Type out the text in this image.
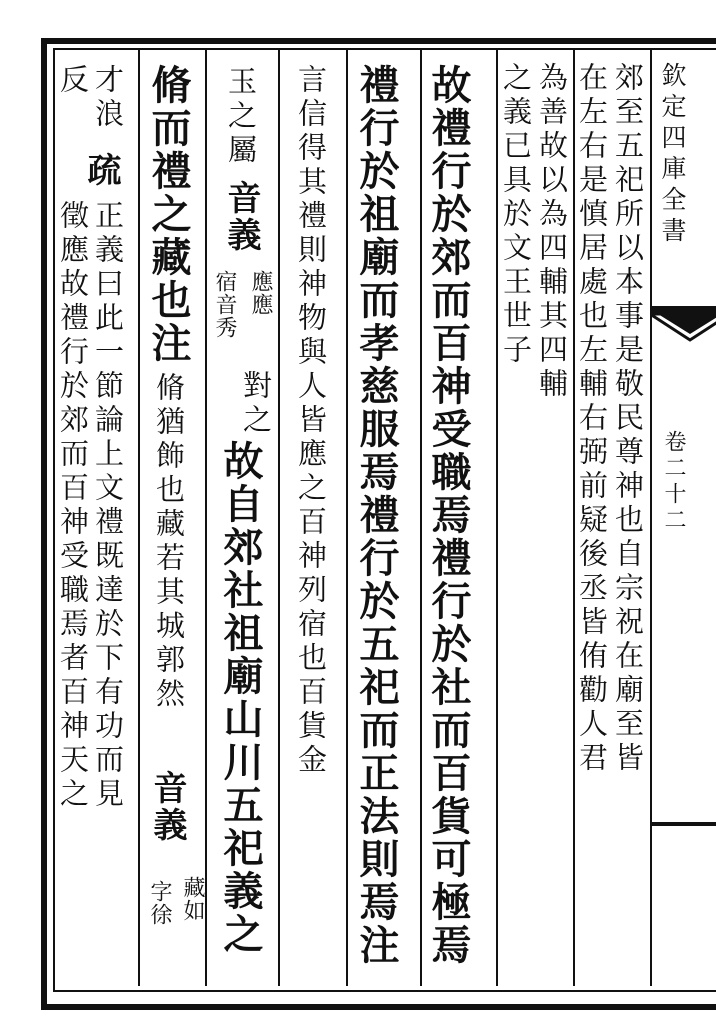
欽定四庫全書
卷二十二
郊至五祀所以本事是敬民尊神也自宗祝在廟至皆
在左右是慎居處也左輔右弼前疑後丞皆侑勸人君
為善故以為四輔其四輔
之義已具於文王世子
故禮行於郊而百神受職焉禮行於社而百貨可極焉
禮行於祖廟而孝慈服焉禮行於五祀而正法則焉注
言信得其禮則神物與人皆應之百神列宿也百貨金
玉之屬
音義
應應
宿音秀
對之
故自郊社祖廟山川五祀義之
脩而禮之藏也注
脩猶飾也藏若其城郭然
音義
藏如
字徐
才浪
疏
正義曰此一節論上文禮既達於下有功而見
徵應故禮行於郊而百神受職焉者百神天之
反
